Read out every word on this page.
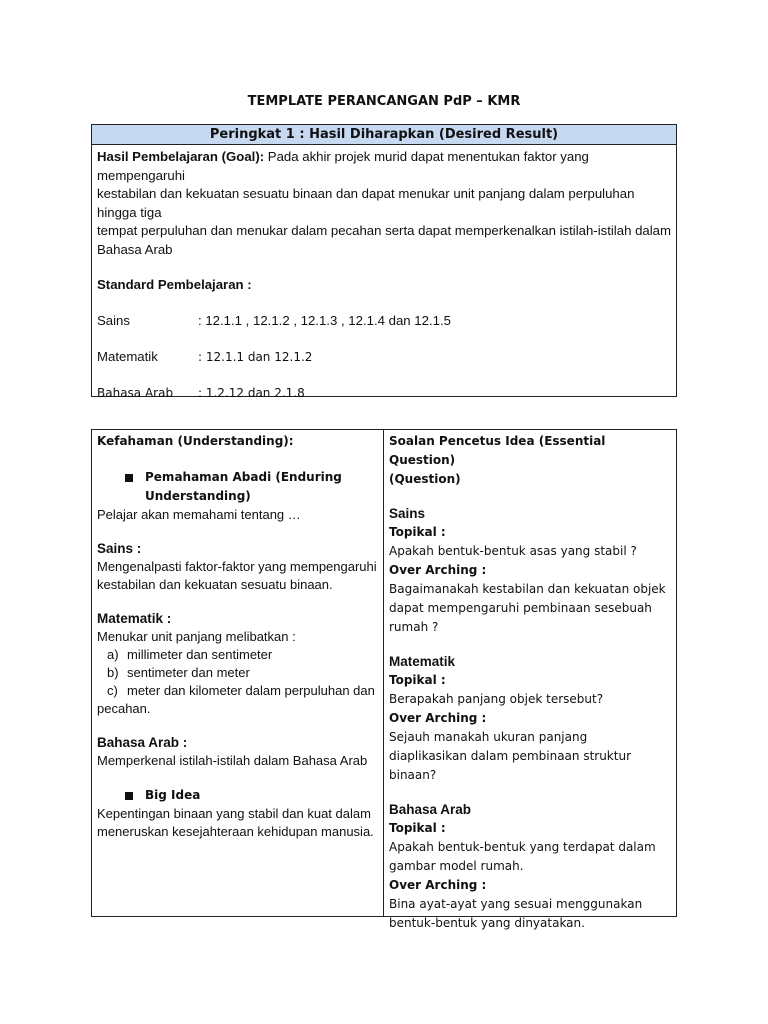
TEMPLATE PERANCANGAN PdP – KMR
Peringkat 1 : Hasil Diharapkan (Desired Result)
Hasil Pembelajaran (Goal): Pada akhir projek murid dapat menentukan faktor yang mempengaruhi
kestabilan dan kekuatan sesuatu binaan dan dapat menukar unit panjang dalam perpuluhan hingga tiga
tempat perpuluhan dan menukar dalam pecahan serta dapat memperkenalkan istilah-istilah dalam
Bahasa Arab
Standard Pembelajaran :
Sains	: 12.1.1 , 12.1.2 , 12.1.3 , 12.1.4 dan 12.1.5
Matematik	: 12.1.1 dan 12.1.2
Bahasa Arab	: 1.2.12 dan 2.1.8
Kefahaman (Understanding):
Pemahaman Abadi (Enduring
Understanding)
Pelajar akan memahami tentang …
Sains :
Mengenalpasti faktor-faktor yang mempengaruhi
kestabilan dan kekuatan sesuatu binaan.
Matematik :
Menukar unit panjang melibatkan :
a) millimeter dan sentimeter
b) sentimeter dan meter
c) meter dan kilometer dalam perpuluhan dan
pecahan.
Bahasa Arab :
Memperkenal istilah-istilah dalam Bahasa Arab
Big Idea
Kepentingan binaan yang stabil dan kuat dalam
meneruskan kesejahteraan kehidupan manusia.
Soalan Pencetus Idea (Essential Question)
(Question)
Sains
Topikal :
Apakah bentuk-bentuk asas yang stabil ?
Over Arching :
Bagaimanakah kestabilan dan kekuatan objek
dapat mempengaruhi pembinaan sesebuah
rumah ?
Matematik
Topikal :
Berapakah panjang objek tersebut?
Over Arching :
Sejauh manakah ukuran panjang
diaplikasikan dalam pembinaan struktur
binaan?
Bahasa Arab
Topikal :
Apakah bentuk-bentuk yang terdapat dalam
gambar model rumah.
Over Arching :
Bina ayat-ayat yang sesuai menggunakan
bentuk-bentuk yang dinyatakan.
